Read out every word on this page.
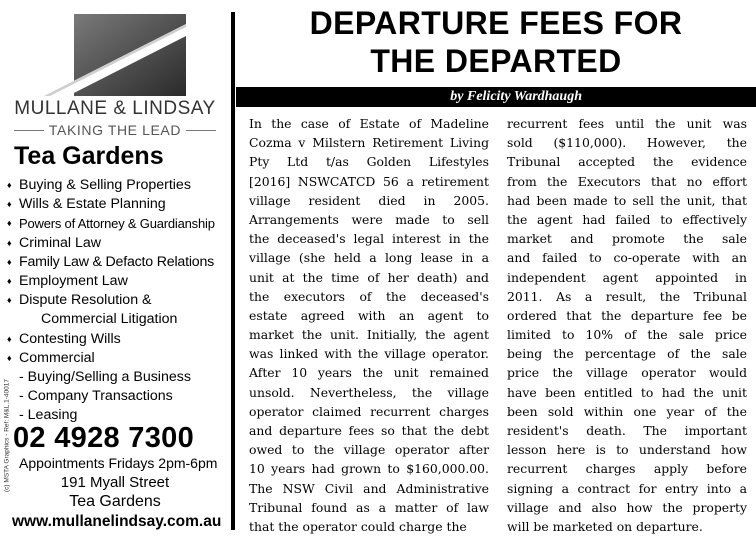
MULLANE & LINDSAY
TAKING THE LEAD
Tea Gardens
♦ Buying & Selling Properties
♦ Wills & Estate Planning
♦ Powers of Attorney & Guardianship
♦ Criminal Law
♦ Family Law & Defacto Relations
♦ Employment Law
♦ Dispute Resolution &
Commercial Litigation
♦ Contesting Wills
♦ Commercial
- Buying/Selling a Business
- Company Transactions
- Leasing
(c) MSTA Graphics - Ref: M&L.1-40017 02 4928 7300
Appointments Fridays 2pm-6pm
191 Myall Street
Tea Gardens
www.mullanelindsay.com.au
DEPARTURE FEES FOR
THE DEPARTED
by Felicity Wardhaugh
In the case of Estate of Madeline
Cozma v Milstern Retirement Living
Pty Ltd t/as Golden Lifestyles
[2016] NSWCATCD 56 a retirement
village resident died in 2005.
Arrangements were made to sell
the deceased's legal interest in the
village (she held a long lease in a
unit at the time of her death) and
the executors of the deceased's
estate agreed with an agent to
market the unit. Initially, the agent
was linked with the village operator.
After 10 years the unit remained
unsold. Nevertheless, the village
operator claimed recurrent charges
and departure fees so that the debt
owed to the village operator after
10 years had grown to $160,000.00.
The NSW Civil and Administrative
Tribunal found as a matter of law
that the operator could charge the
recurrent fees until the unit was
sold ($110,000). However, the
Tribunal accepted the evidence
from the Executors that no effort
had been made to sell the unit, that
the agent had failed to effectively
market and promote the sale
and failed to co-operate with an
independent agent appointed in
2011. As a result, the Tribunal
ordered that the departure fee be
limited to 10% of the sale price
being the percentage of the sale
price the village operator would
have been entitled to had the unit
been sold within one year of the
resident's death. The important
lesson here is to understand how
recurrent charges apply before
signing a contract for entry into a
village and also how the property
will be marketed on departure.
